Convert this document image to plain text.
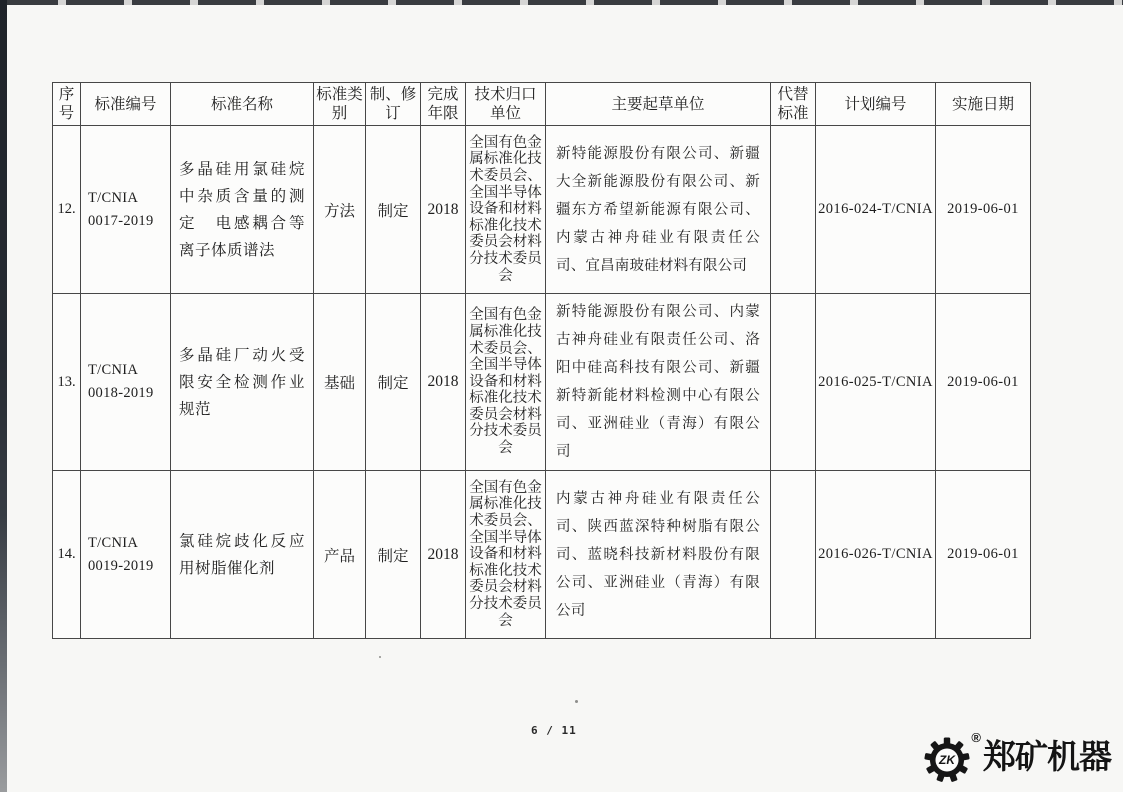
序号	标准编号	标准名称	标准类别	制、修订	完成年限	技术归口单位	主要起草单位	代替标准	计划编号	实施日期
12.	T/CNIA 0017-2019	多晶硅用氯硅烷中杂质含量的测定　电感耦合等离子体质谱法	方法	制定	2018	全国有色金属标准化技术委员会、全国半导体设备和材料标准化技术委员会材料分技术委员会	新特能源股份有限公司、新疆大全新能源股份有限公司、新疆东方希望新能源有限公司、内蒙古神舟硅业有限责任公司、宜昌南玻硅材料有限公司		2016-024-T/CNIA	2019-06-01
13.	T/CNIA 0018-2019	多晶硅厂动火受限安全检测作业规范	基础	制定	2018	全国有色金属标准化技术委员会、全国半导体设备和材料标准化技术委员会材料分技术委员会	新特能源股份有限公司、内蒙古神舟硅业有限责任公司、洛阳中硅高科技有限公司、新疆新特新能材料检测中心有限公司、亚洲硅业（青海）有限公司		2016-025-T/CNIA	2019-06-01
14.	T/CNIA 0019-2019	氯硅烷歧化反应用树脂催化剂	产品	制定	2018	全国有色金属标准化技术委员会、全国半导体设备和材料标准化技术委员会材料分技术委员会	内蒙古神舟硅业有限责任公司、陕西蓝深特种树脂有限公司、蓝晓科技新材料股份有限公司、亚洲硅业（青海）有限公司		2016-026-T/CNIA	2019-06-01
6 / 11
ZK
®
郑矿机器
